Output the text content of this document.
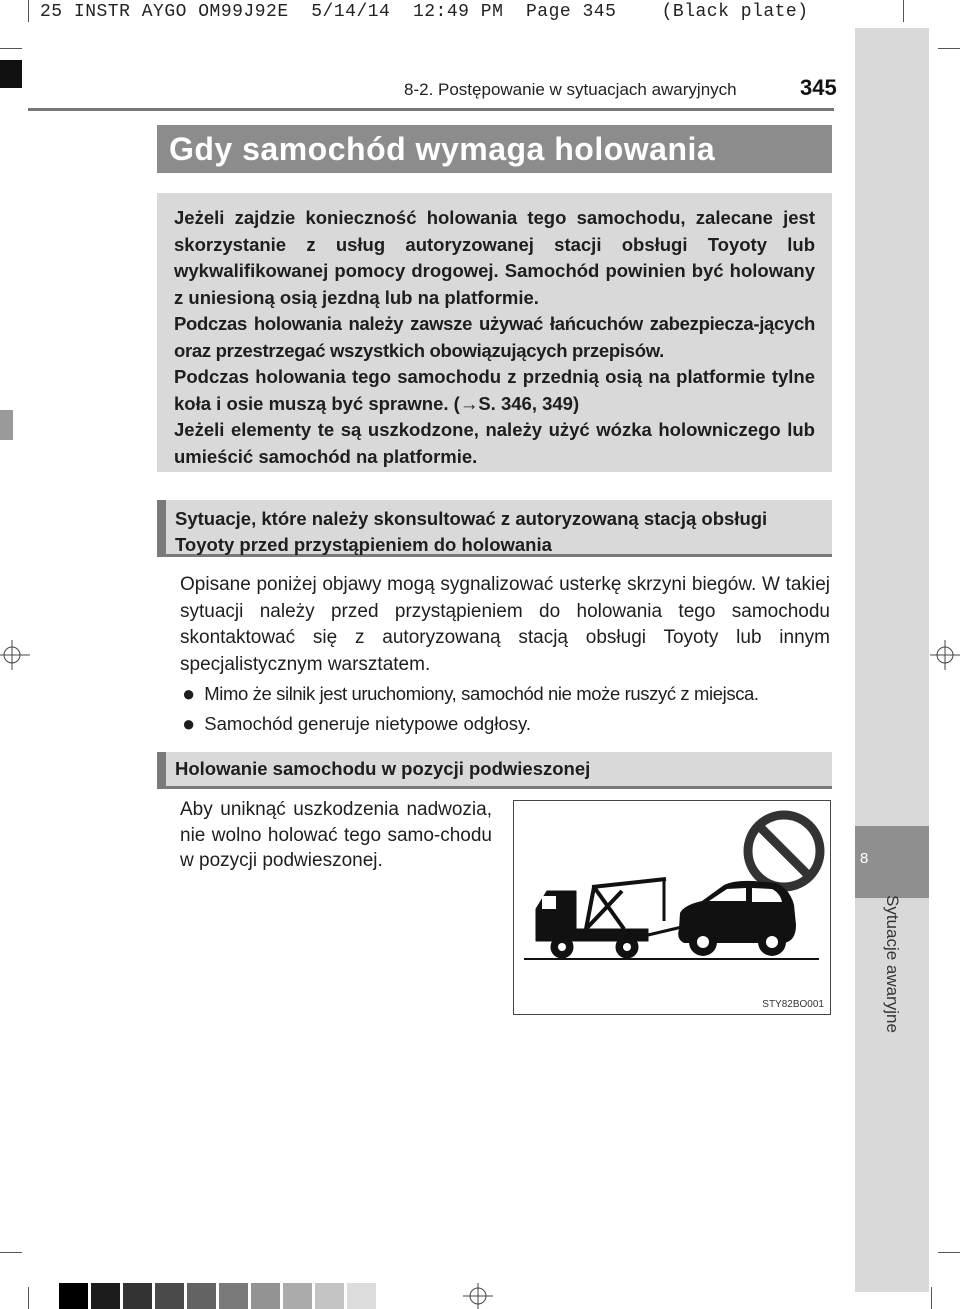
25 INSTR AYGO OM99J92E  5/14/14  12:49 PM  Page 345    (Black plate)
8
Sytuacje awaryjne
8-2. Postępowanie w sytuacjach awaryjnych	345
Gdy samochód wymaga holowania

Jeżeli zajdzie konieczność holowania tego samochodu, zalecane jest skorzystanie z usług autoryzowanej stacji obsługi Toyoty lub wykwalifikowanej pomocy drogowej. Samochód powinien być holowany z uniesioną osią jezdną lub na platformie.

Podczas holowania należy zawsze używać łańcuchów zabezpiecza-jących oraz przestrzegać wszystkich obowiązujących przepisów.

Podczas holowania tego samochodu z przednią osią na platformie tylne koła i osie muszą być sprawne. (→S. 346, 349)

Jeżeli elementy te są uszkodzone, należy użyć wózka holowniczego lub umieścić samochód na platformie.

Sytuacje, które należy skonsultować z autoryzowaną stacją obsługi Toyoty przed przystąpieniem do holowania
Opisane poniżej objawy mogą sygnalizować usterkę skrzyni biegów. W takiej sytuacji należy przed przystąpieniem do holowania tego samochodu skontaktować się z autoryzowaną stacją obsługi Toyoty lub innym specjalistycznym warsztatem.
● Mimo że silnik jest uruchomiony, samochód nie może ruszyć z miejsca.
● Samochód generuje nietypowe odgłosy.
Holowanie samochodu w pozycji podwieszonej
Aby uniknąć uszkodzenia nadwozia, nie wolno holować tego samo-chodu w pozycji podwieszonej.
STY82BO001
